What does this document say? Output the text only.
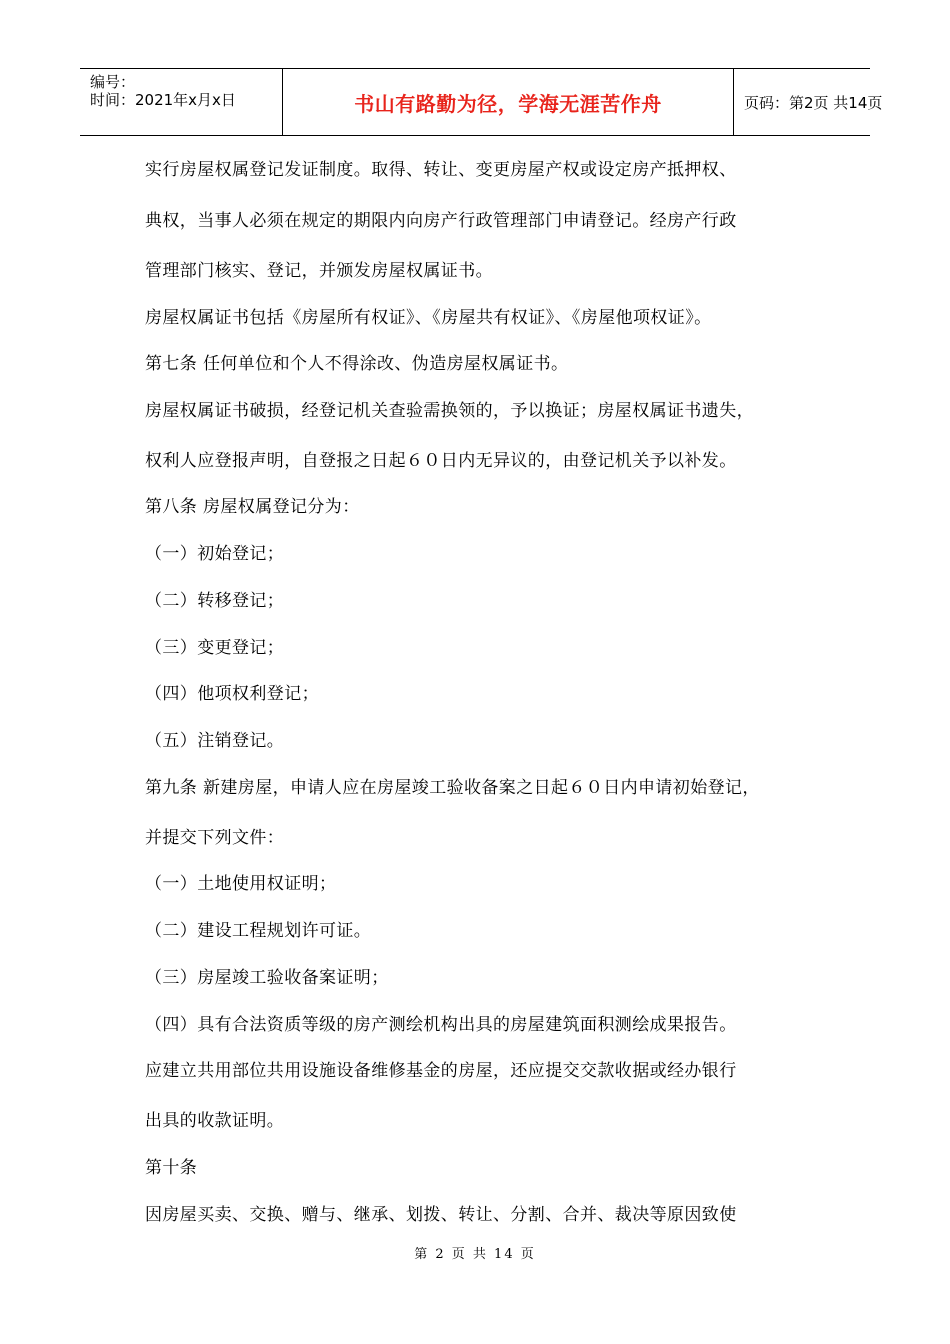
编号：
时间：2021年x月x日	书山有路勤为径，学海无涯苦作舟	页码：第2页 共14页
实行房屋权属登记发证制度。取得、转让、变更房屋产权或设定房产抵押权、
典权，当事人必须在规定的期限内向房产行政管理部门申请登记。经房产行政
管理部门核实、登记，并颁发房屋权属证书。
房屋权属证书包括《房屋所有权证》、《房屋共有权证》、《房屋他项权证》。
第七条 任何单位和个人不得涂改、伪造房屋权属证书。
房屋权属证书破损，经登记机关查验需换领的，予以换证；房屋权属证书遗失，
权利人应登报声明，自登报之日起６０日内无异议的，由登记机关予以补发。
第八条 房屋权属登记分为：
（一）初始登记；
（二）转移登记；
（三）变更登记；
（四）他项权利登记；
（五）注销登记。
第九条 新建房屋，申请人应在房屋竣工验收备案之日起６０日内申请初始登记，
并提交下列文件：
（一）土地使用权证明；
（二）建设工程规划许可证。
（三）房屋竣工验收备案证明；
（四）具有合法资质等级的房产测绘机构出具的房屋建筑面积测绘成果报告。
应建立共用部位共用设施设备维修基金的房屋，还应提交交款收据或经办银行
出具的收款证明。
第十条
因房屋买卖、交换、赠与、继承、划拨、转让、分割、合并、裁决等原因致使
第 2 页 共 14 页
